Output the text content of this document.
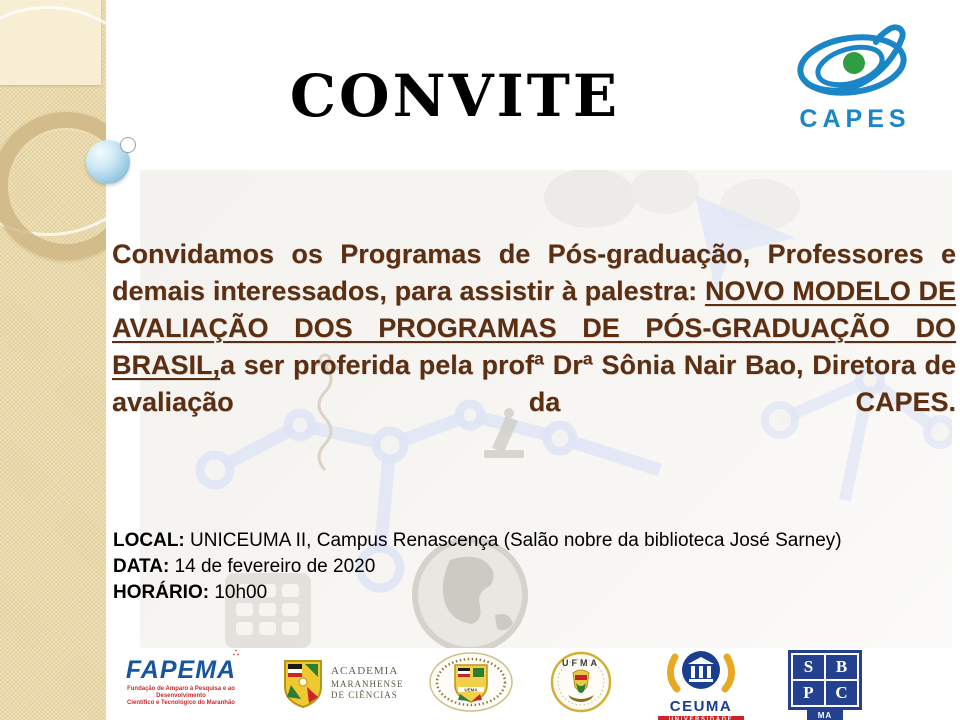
CONVITE	CAPES

Convidamos os Programas de Pós-graduação, Professores e demais interessados, para assistir à palestra: NOVO MODELO DE AVALIAÇÃO DOS PROGRAMAS DE PÓS-GRADUAÇÃO DO BRASIL,a ser proferida pela profª Drª Sônia Nair Bao, Diretora de avaliação da CAPES.

LOCAL: UNICEUMA II, Campus Renascença (Salão nobre da biblioteca José Sarney)
DATA: 14 de fevereiro de 2020
HORÁRIO: 10h00
FAPEMA
∴
Fundação de Amparo à Pesquisa e ao Desenvolvimento
Científico e Tecnológico do Maranhão
ACADEMIA
MARANHENSE
DE CIÊNCIAS	UEMA
UFMA
CEUMA
UNIVERSIDADE
S	B
P	C
MA
